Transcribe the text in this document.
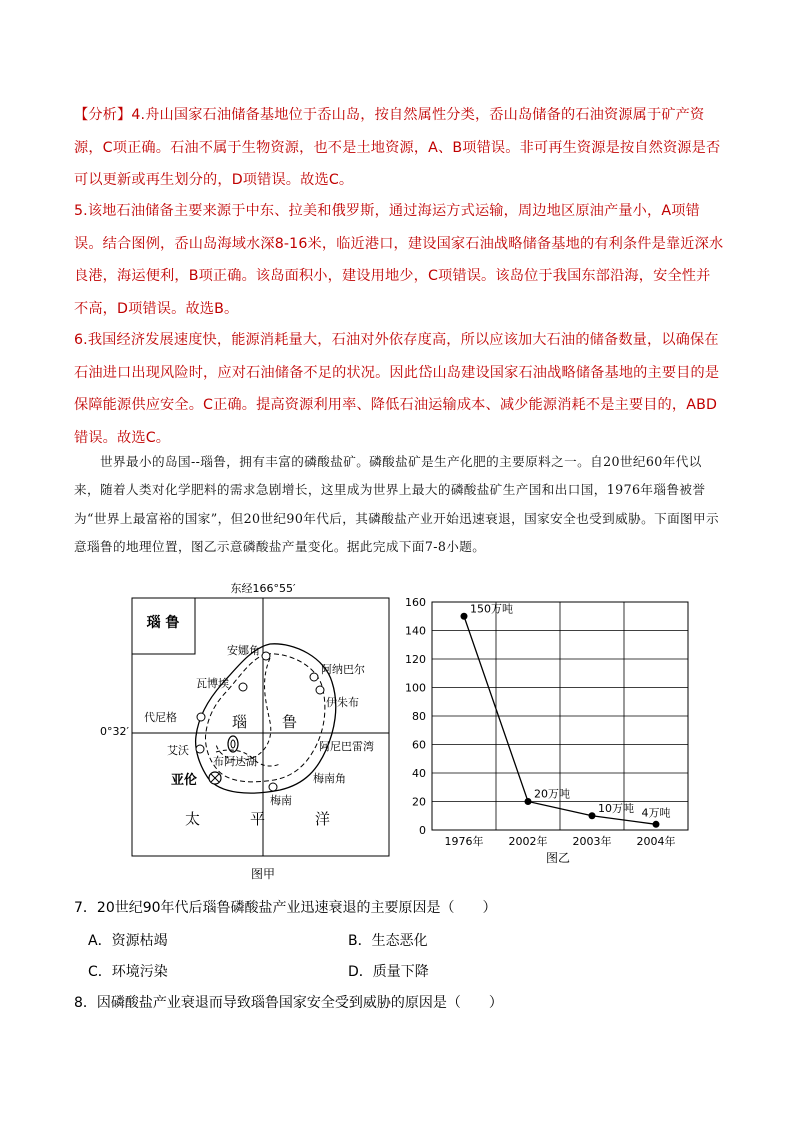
【分析】4.舟山国家石油储备基地位于岙山岛，按自然属性分类，岙山岛储备的石油资源属于矿产资源，C项正确。石油不属于生物资源，也不是土地资源，A、B项错误。非可再生资源是按自然资源是否可以更新或再生划分的，D项错误。故选C。
5.该地石油储备主要来源于中东、拉美和俄罗斯，通过海运方式运输，周边地区原油产量小，A项错误。结合图例，岙山岛海域水深8-16米，临近港口，建设国家石油战略储备基地的有利条件是靠近深水良港，海运便利，B项正确。该岛面积小，建设用地少，C项错误。该岛位于我国东部沿海，安全性并不高，D项错误。故选B。
6.我国经济发展速度快，能源消耗量大，石油对外依存度高，所以应该加大石油的储备数量，以确保在石油进口出现风险时，应对石油储备不足的状况。因此岱山岛建设国家石油战略储备基地的主要目的是保障能源供应安全。C正确。提高资源利用率、降低石油运输成本、减少能源消耗不是主要目的，ABD错误。故选C。
世界最小的岛国--瑙鲁，拥有丰富的磷酸盐矿。磷酸盐矿是生产化肥的主要原料之一。自20世纪60年代以来，随着人类对化学肥料的需求急剧增长，这里成为世界上最大的磷酸盐矿生产国和出口国，1976年瑙鲁被誉为“世界上最富裕的国家”，但20世纪90年代后，其磷酸盐产业开始迅速衰退，国家安全也受到威胁。下面图甲示意瑙鲁的地理位置，图乙示意磷酸盐产量变化。据此完成下面7-8小题。
瑙 鲁
东经166°55′
0°32′
安娜角
瓦博埃
阿纳巴尔
伊朱布
代尼格
艾沃
布阿达湖
阿尼巴雷湾
亚伦	梅南角
梅南
瑙 鲁
太	平	洋
图甲
0
20
40
60
80
100
120
140
160
1976年 2002年 2003年 2004年
150万吨
20万吨
10万吨 4万吨
图乙
7．20世纪90年代后瑙鲁磷酸盐产业迅速衰退的主要原因是（　　）
A．资源枯竭	B．生态恶化
C．环境污染	D．质量下降
8．因磷酸盐产业衰退而导致瑙鲁国家安全受到威胁的原因是（　　）
